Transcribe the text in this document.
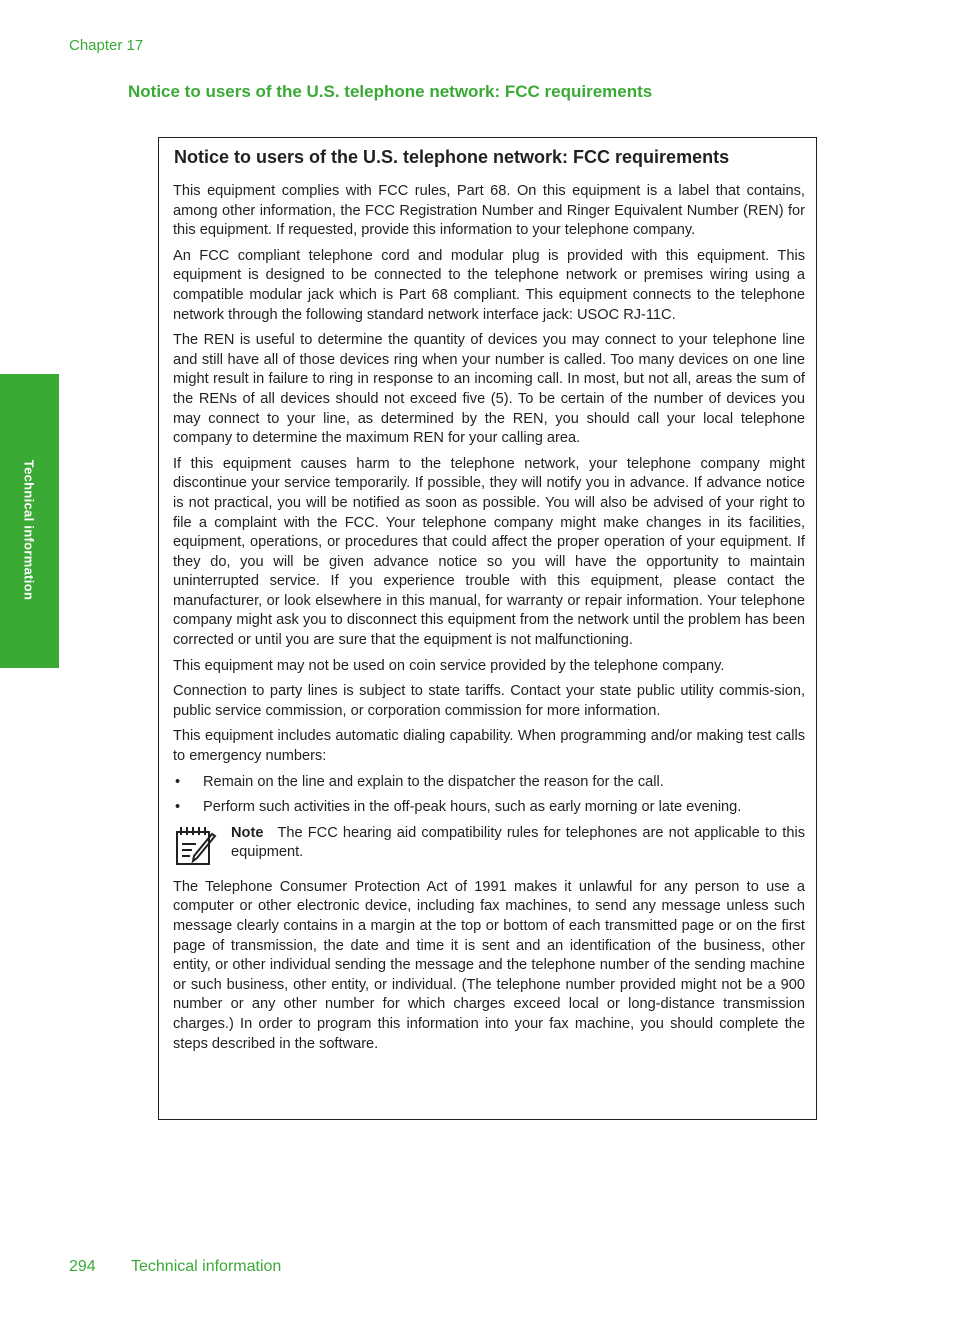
Chapter 17
Notice to users of the U.S. telephone network: FCC requirements
Technical information
Notice to users of the U.S. telephone network: FCC requirements

This equipment complies with FCC rules, Part 68. On this equipment is a label that contains, among other information, the FCC Registration Number and Ringer Equivalent Number (REN) for this equipment. If requested, provide this information to your telephone company.

An FCC compliant telephone cord and modular plug is provided with this equipment. This equipment is designed to be connected to the telephone network or premises wiring using a compatible modular jack which is Part 68 compliant. This equipment connects to the telephone network through the following standard network interface jack: USOC RJ-11C.

The REN is useful to determine the quantity of devices you may connect to your telephone line and still have all of those devices ring when your number is called. Too many devices on one line might result in failure to ring in response to an incoming call. In most, but not all, areas the sum of the RENs of all devices should not exceed five (5). To be certain of the number of devices you may connect to your line, as determined by the REN, you should call your local telephone company to determine the maximum REN for your calling area.

If this equipment causes harm to the telephone network, your telephone company might discontinue your service temporarily. If possible, they will notify you in advance. If advance notice is not practical, you will be notified as soon as possible. You will also be advised of your right to file a complaint with the FCC. Your telephone company might make changes in its facilities, equipment, operations, or procedures that could affect the proper operation of your equipment. If they do, you will be given advance notice so you will have the opportunity to maintain uninterrupted service. If you experience trouble with this equipment, please contact the manufacturer, or look elsewhere in this manual, for warranty or repair information. Your telephone company might ask you to disconnect this equipment from the network until the problem has been corrected or until you are sure that the equipment is not malfunctioning.

This equipment may not be used on coin service provided by the telephone company.

Connection to party lines is subject to state tariffs. Contact your state public utility commis-sion, public service commission, or corporation commission for more information.

This equipment includes automatic dialing capability. When programming and/or making test calls to emergency numbers:

• Remain on the line and explain to the dispatcher the reason for the call.
• Perform such activities in the off-peak hours, such as early morning or late evening.
Note The FCC hearing aid compatibility rules for telephones are not applicable to this equipment.

The Telephone Consumer Protection Act of 1991 makes it unlawful for any person to use a computer or other electronic device, including fax machines, to send any message unless such message clearly contains in a margin at the top or bottom of each transmitted page or on the first page of transmission, the date and time it is sent and an identification of the business, other entity, or other individual sending the message and the telephone number of the sending machine or such business, other entity, or individual. (The telephone number provided might not be a 900 number or any other number for which charges exceed local or long-distance transmission charges.) In order to program this information into your fax machine, you should complete the steps described in the software.

294 Technical information
